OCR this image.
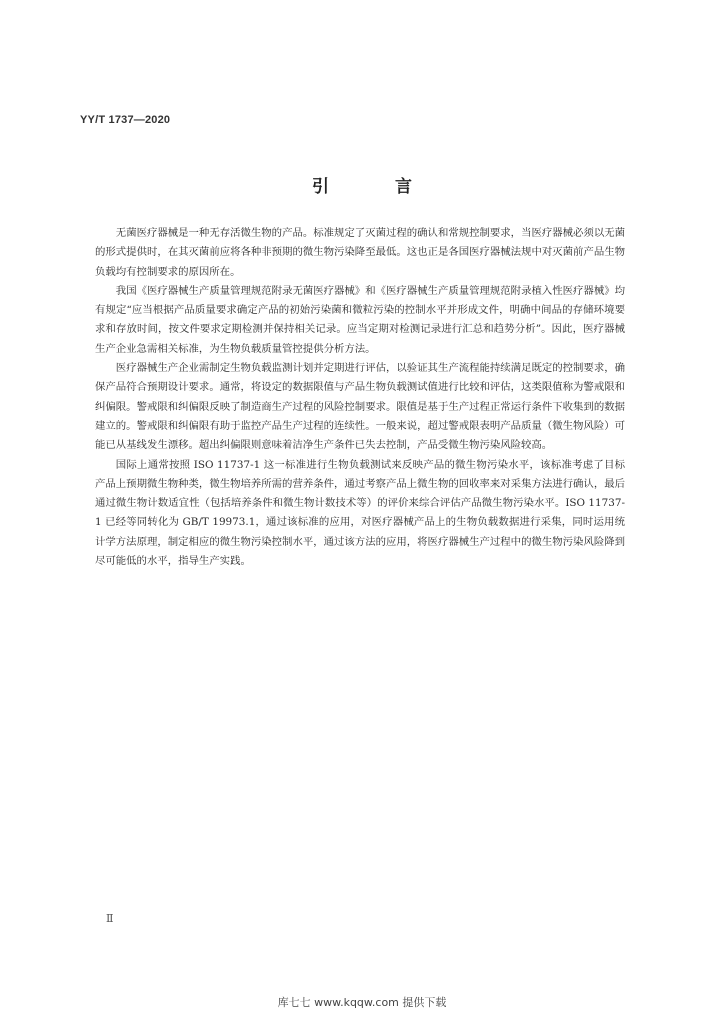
YY/T 1737—2020
引 言

无菌医疗器械是一种无存活微生物的产品。标准规定了灭菌过程的确认和常规控制要求，当医疗器械必须以无菌的形式提供时，在其灭菌前应将各种非预期的微生物污染降至最低。这也正是各国医疗器械法规中对灭菌前产品生物负载均有控制要求的原因所在。

我国《医疗器械生产质量管理规范附录无菌医疗器械》和《医疗器械生产质量管理规范附录植入性医疗器械》均有规定“应当根据产品质量要求确定产品的初始污染菌和微粒污染的控制水平并形成文件，明确中间品的存储环境要求和存放时间，按文件要求定期检测并保持相关记录。应当定期对检测记录进行汇总和趋势分析”。因此，医疗器械生产企业急需相关标准，为生物负载质量管控提供分析方法。

医疗器械生产企业需制定生物负载监测计划并定期进行评估，以验证其生产流程能持续满足既定的控制要求，确保产品符合预期设计要求。通常，将设定的数据限值与产品生物负载测试值进行比较和评估，这类限值称为警戒限和纠偏限。警戒限和纠偏限反映了制造商生产过程的风险控制要求。限值是基于生产过程正常运行条件下收集到的数据建立的。警戒限和纠偏限有助于监控产品生产过程的连续性。一般来说，超过警戒限表明产品质量（微生物风险）可能已从基线发生漂移。超出纠偏限则意味着洁净生产条件已失去控制，产品受微生物污染风险较高。

国际上通常按照 ISO 11737-1 这一标准进行生物负载测试来反映产品的微生物污染水平，该标准考虑了目标产品上预期微生物种类，微生物培养所需的营养条件，通过考察产品上微生物的回收率来对采集方法进行确认，最后通过微生物计数适宜性（包括培养条件和微生物计数技术等）的评价来综合评估产品微生物污染水平。ISO 11737-1 已经等同转化为 GB/T 19973.1，通过该标准的应用，对医疗器械产品上的生物负载数据进行采集，同时运用统计学方法原理，制定相应的微生物污染控制水平，通过该方法的应用，将医疗器械生产过程中的微生物污染风险降到尽可能低的水平，指导生产实践。

Ⅱ
库七七 www.kqqw.com 提供下载
